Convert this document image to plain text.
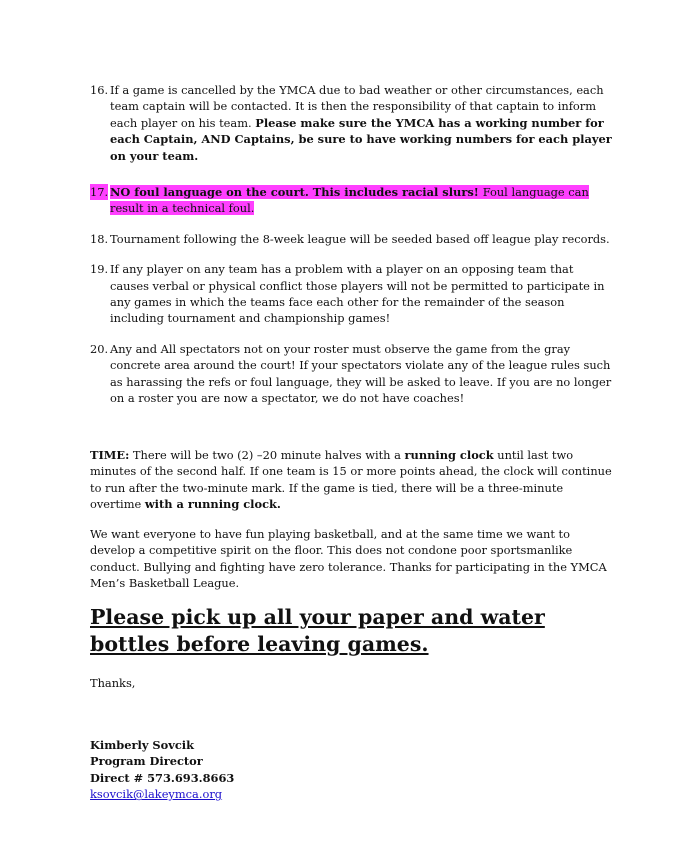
16. If a game is cancelled by the YMCA due to bad weather or other circumstances, each team captain will be contacted. It is then the responsibility of that captain to inform each player on his team. Please make sure the YMCA has a working number for each Captain, AND Captains, be sure to have working numbers for each player on your team.
17. NO foul language on the court. This includes racial slurs! Foul language can result in a technical foul.
18. Tournament following the 8-week league will be seeded based off league play records.
19. If any player on any team has a problem with a player on an opposing team that causes verbal or physical conflict those players will not be permitted to participate in any games in which the teams face each other for the remainder of the season including tournament and championship games!
20. Any and All spectators not on your roster must observe the game from the gray concrete area around the court! If your spectators violate any of the league rules such as harassing the refs or foul language, they will be asked to leave. If you are no longer on a roster you are now a spectator, we do not have coaches!
TIME: There will be two (2) –20 minute halves with a running clock until last two minutes of the second half. If one team is 15 or more points ahead, the clock will continue to run after the two-minute mark. If the game is tied, there will be a three-minute overtime with a running clock.
We want everyone to have fun playing basketball, and at the same time we want to develop a competitive spirit on the floor. This does not condone poor sportsmanlike conduct. Bullying and fighting have zero tolerance. Thanks for participating in the YMCA Men’s Basketball League.
Please pick up all your paper and water bottles before leaving games.
Thanks,
Kimberly Sovcik
Program Director
Direct # 573.693.8663
ksovcik@lakeymca.org
